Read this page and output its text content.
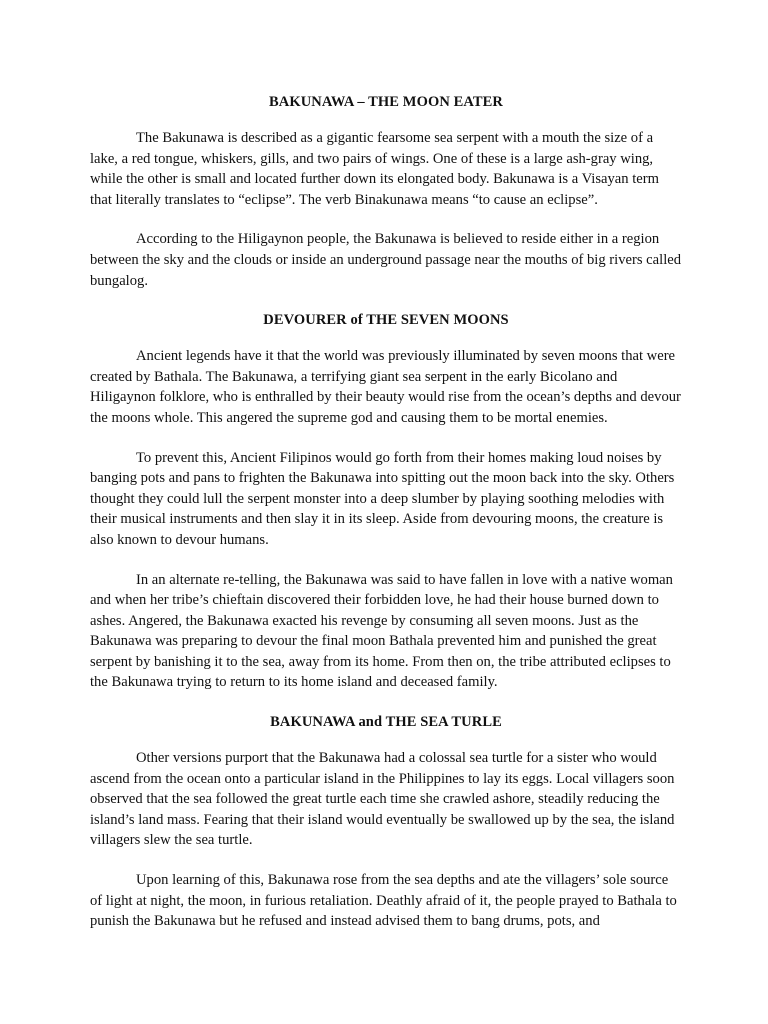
BAKUNAWA – THE MOON EATER

The Bakunawa is described as a gigantic fearsome sea serpent with a mouth the size of a lake, a red tongue, whiskers, gills, and two pairs of wings. One of these is a large ash-gray wing, while the other is small and located further down its elongated body. Bakunawa is a Visayan term that literally translates to “eclipse”. The verb Binakunawa means “to cause an eclipse”.

According to the Hiligaynon people, the Bakunawa is believed to reside either in a region between the sky and the clouds or inside an underground passage near the mouths of big rivers called bungalog.

DEVOURER of THE SEVEN MOONS

Ancient legends have it that the world was previously illuminated by seven moons that were created by Bathala. The Bakunawa, a terrifying giant sea serpent in the early Bicolano and Hiligaynon folklore, who is enthralled by their beauty would rise from the ocean’s depths and devour the moons whole. This angered the supreme god and causing them to be mortal enemies.

To prevent this, Ancient Filipinos would go forth from their homes making loud noises by banging pots and pans to frighten the Bakunawa into spitting out the moon back into the sky. Others thought they could lull the serpent monster into a deep slumber by playing soothing melodies with their musical instruments and then slay it in its sleep. Aside from devouring moons, the creature is also known to devour humans.

In an alternate re-telling, the Bakunawa was said to have fallen in love with a native woman and when her tribe’s chieftain discovered their forbidden love, he had their house burned down to ashes. Angered, the Bakunawa exacted his revenge by consuming all seven moons. Just as the Bakunawa was preparing to devour the final moon Bathala prevented him and punished the great serpent by banishing it to the sea, away from its home. From then on, the tribe attributed eclipses to the Bakunawa trying to return to its home island and deceased family.

BAKUNAWA and THE SEA TURLE

Other versions purport that the Bakunawa had a colossal sea turtle for a sister who would ascend from the ocean onto a particular island in the Philippines to lay its eggs. Local villagers soon observed that the sea followed the great turtle each time she crawled ashore, steadily reducing the island’s land mass. Fearing that their island would eventually be swallowed up by the sea, the island villagers slew the sea turtle.

Upon learning of this, Bakunawa rose from the sea depths and ate the villagers’ sole source of light at night, the moon, in furious retaliation. Deathly afraid of it, the people prayed to Bathala to punish the Bakunawa but he refused and instead advised them to bang drums, pots, and
